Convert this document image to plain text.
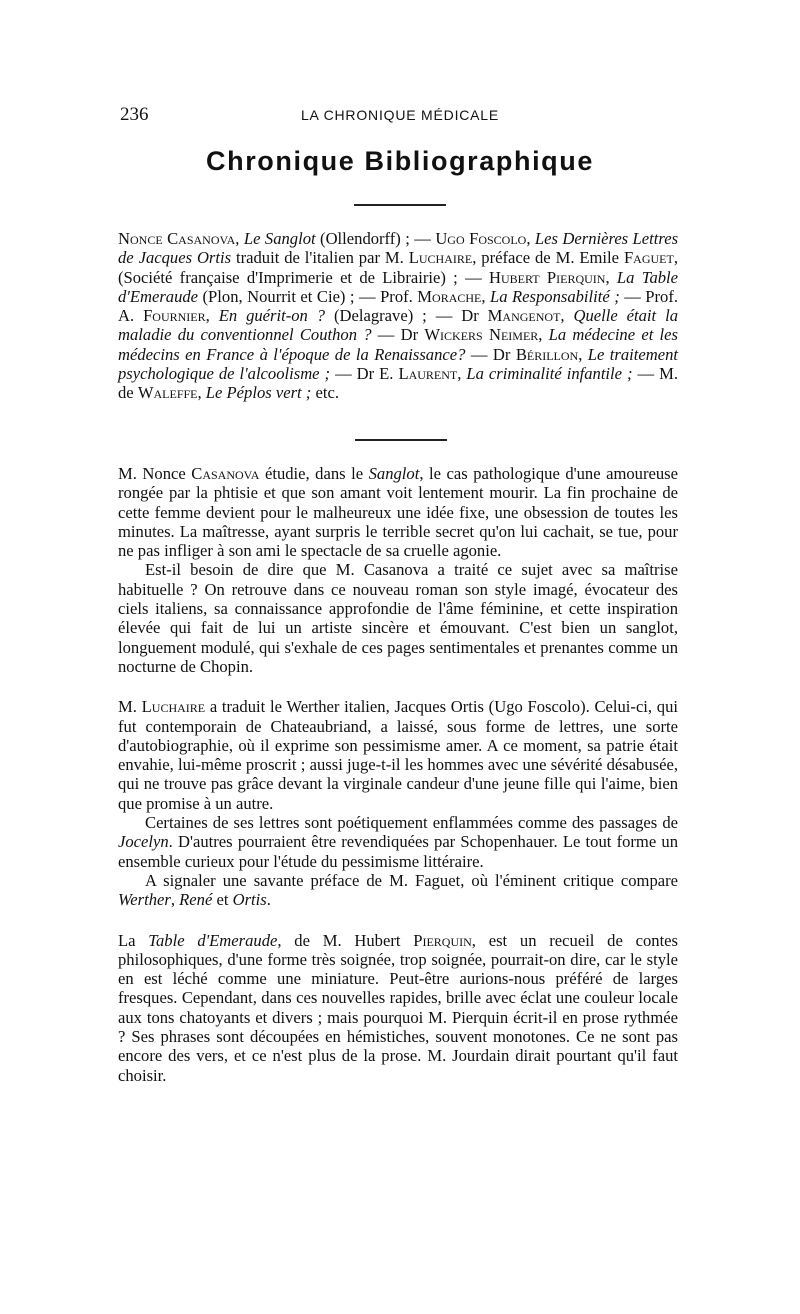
236	LA CHRONIQUE MÉDICALE
Chronique Bibliographique

Nonce Casanova, Le Sanglot (Ollendorff) ; — Ugo Foscolo, Les Dernières Lettres de Jacques Ortis traduit de l'italien par M. Luchaire, préface de M. Emile Faguet, (Société française d'Imprimerie et de Librairie) ; — Hubert Pierquin, La Table d'Emeraude (Plon, Nourrit et Cie) ; — Prof. Morache, La Responsabilité ; — Prof. A. Fournier, En guérit-on ? (Delagrave) ; — Dr Mangenot, Quelle était la maladie du conventionnel Couthon ? — Dr Wickers Neimer, La médecine et les médecins en France à l'époque de la Renaissance? — Dr Bérillon, Le traitement psychologique de l'alcoolisme ; — Dr E. Laurent, La criminalité infantile ; — M. de Waleffe, Le Péplos vert ; etc.

M. Nonce Casanova étudie, dans le Sanglot, le cas pathologique d'une amoureuse rongée par la phtisie et que son amant voit lentement mourir. La fin prochaine de cette femme devient pour le malheureux une idée fixe, une obsession de toutes les minutes. La maîtresse, ayant surpris le terrible secret qu'on lui cachait, se tue, pour ne pas infliger à son ami le spectacle de sa cruelle agonie.

Est-il besoin de dire que M. Casanova a traité ce sujet avec sa maîtrise habituelle ? On retrouve dans ce nouveau roman son style imagé, évocateur des ciels italiens, sa connaissance approfondie de l'âme féminine, et cette inspiration élevée qui fait de lui un artiste sincère et émouvant. C'est bien un sanglot, longuement modulé, qui s'exhale de ces pages sentimentales et prenantes comme un nocturne de Chopin.

M. Luchaire a traduit le Werther italien, Jacques Ortis (Ugo Foscolo). Celui-ci, qui fut contemporain de Chateaubriand, a laissé, sous forme de lettres, une sorte d'autobiographie, où il exprime son pessimisme amer. A ce moment, sa patrie était envahie, lui-même proscrit ; aussi juge-t-il les hommes avec une sévérité désabusée, qui ne trouve pas grâce devant la virginale candeur d'une jeune fille qui l'aime, bien que promise à un autre.

Certaines de ses lettres sont poétiquement enflammées comme des passages de Jocelyn. D'autres pourraient être revendiquées par Schopenhauer. Le tout forme un ensemble curieux pour l'étude du pessimisme littéraire.

A signaler une savante préface de M. Faguet, où l'éminent critique compare Werther, René et Ortis.

La Table d'Emeraude, de M. Hubert Pierquin, est un recueil de contes philosophiques, d'une forme très soignée, trop soignée, pourrait-on dire, car le style en est léché comme une miniature. Peut-être aurions-nous préféré de larges fresques. Cependant, dans ces nouvelles rapides, brille avec éclat une couleur locale aux tons chatoyants et divers ; mais pourquoi M. Pierquin écrit-il en prose rythmée ? Ses phrases sont découpées en hémistiches, souvent monotones. Ce ne sont pas encore des vers, et ce n'est plus de la prose. M. Jourdain dirait pourtant qu'il faut choisir.
